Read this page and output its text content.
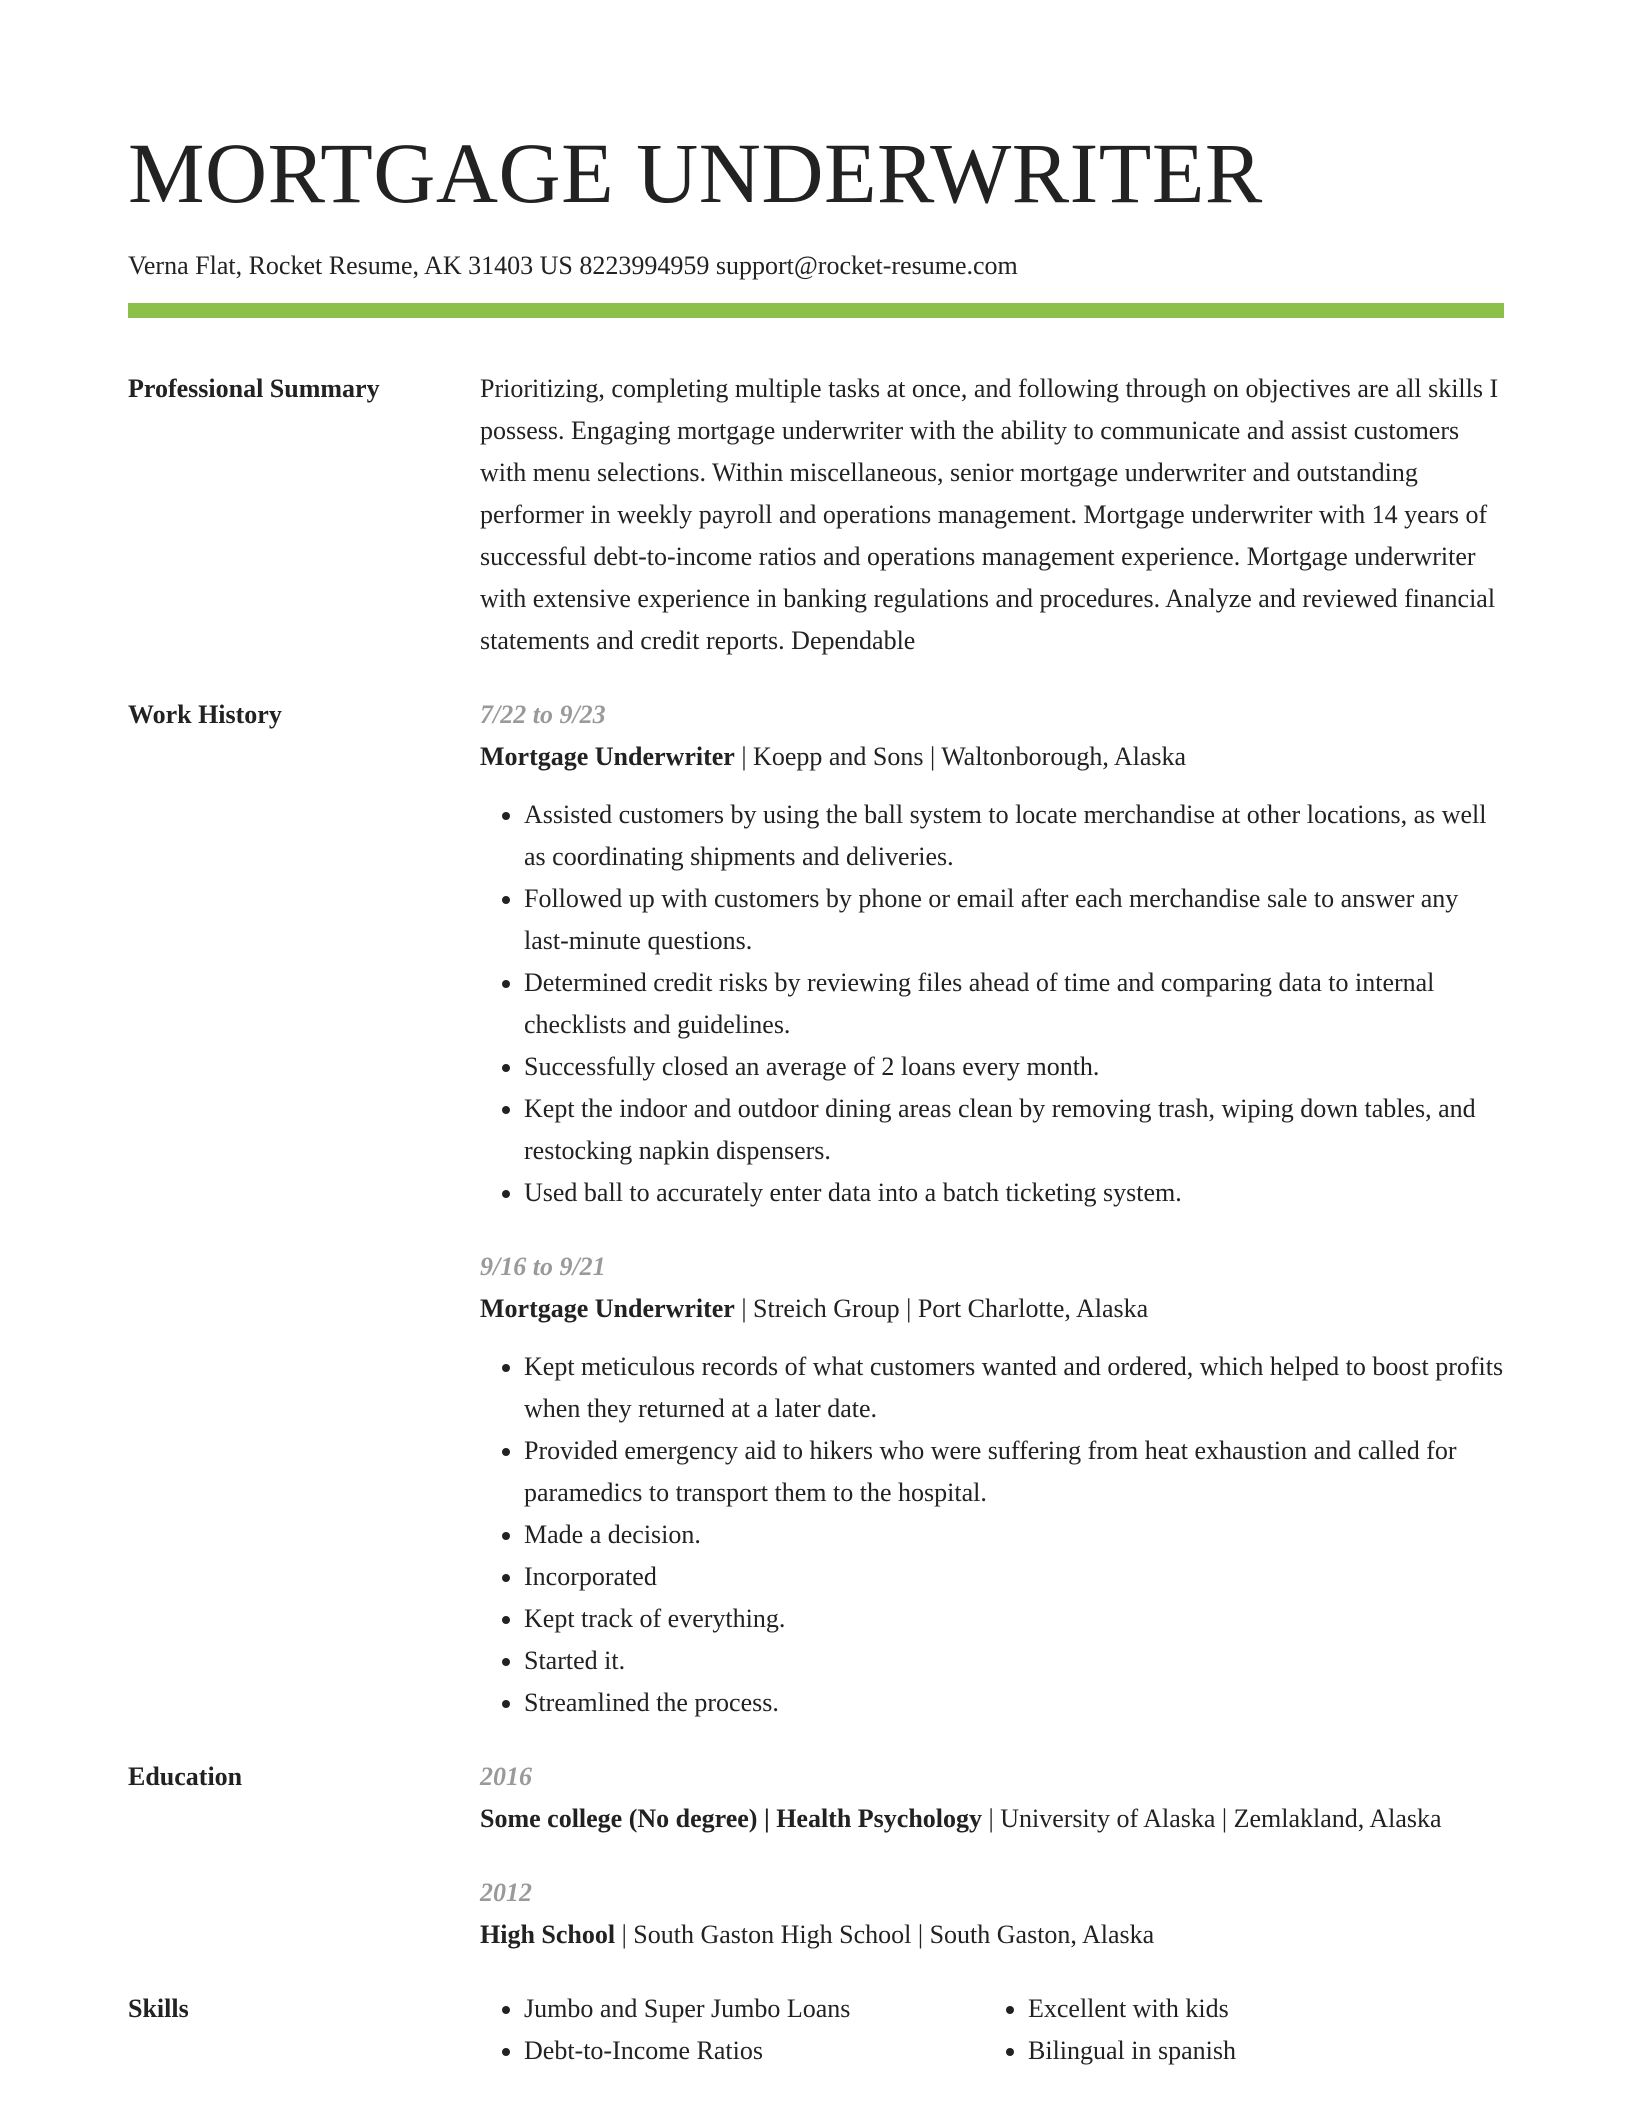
MORTGAGE UNDERWRITER
Verna Flat, Rocket Resume, AK 31403 US 8223994959 support@rocket-resume.com
Professional Summary	Prioritizing, completing multiple tasks at once, and following through on objectives are all skills I possess. Engaging mortgage underwriter with the ability to communicate and assist customers with menu selections. Within miscellaneous, senior mortgage underwriter and outstanding performer in weekly payroll and operations management. Mortgage underwriter with 14 years of successful debt-to-income ratios and operations management experience. Mortgage underwriter with extensive experience in banking regulations and procedures. Analyze and reviewed financial statements and credit reports. Dependable
Work History	7/22 to 9/23
Mortgage Underwriter | Koepp and Sons | Waltonborough, Alaska
• Assisted customers by using the ball system to locate merchandise at other locations, as well as coordinating shipments and deliveries.
• Followed up with customers by phone or email after each merchandise sale to answer any last-minute questions.
• Determined credit risks by reviewing files ahead of time and comparing data to internal checklists and guidelines.
• Successfully closed an average of 2 loans every month.
• Kept the indoor and outdoor dining areas clean by removing trash, wiping down tables, and restocking napkin dispensers.
• Used ball to accurately enter data into a batch ticketing system.
9/16 to 9/21
Mortgage Underwriter | Streich Group | Port Charlotte, Alaska
• Kept meticulous records of what customers wanted and ordered, which helped to boost profits when they returned at a later date.
• Provided emergency aid to hikers who were suffering from heat exhaustion and called for paramedics to transport them to the hospital.
• Made a decision.
• Incorporated
• Kept track of everything.
• Started it.
• Streamlined the process.
Education	2016
Some college (No degree) | Health Psychology | University of Alaska | Zemlakland, Alaska
2012
High School | South Gaston High School | South Gaston, Alaska
Skills
•	Jumbo and Super Jumbo Loans
• Debt-to-Income Ratios
• Excellent with kids
• Bilingual in spanish
